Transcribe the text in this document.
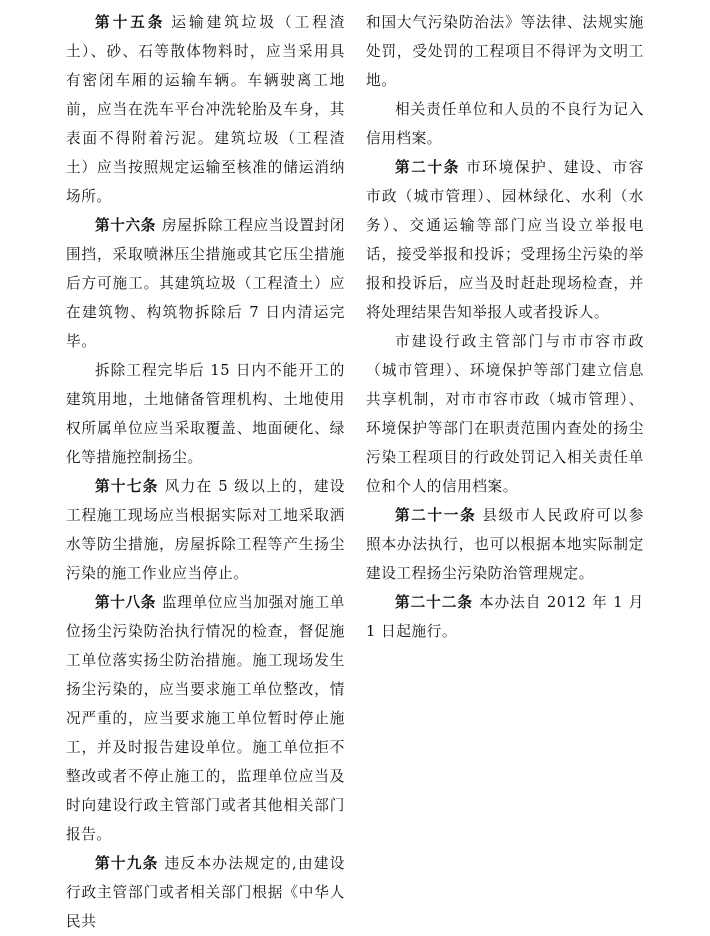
第十五条 运输建筑垃圾（工程渣土）、砂、石等散体物料时，应当采用具有密闭车厢的运输车辆。车辆驶离工地前，应当在洗车平台冲洗轮胎及车身，其表面不得附着污泥。建筑垃圾（工程渣土）应当按照规定运输至核准的储运消纳场所。

第十六条 房屋拆除工程应当设置封闭围挡，采取喷淋压尘措施或其它压尘措施后方可施工。其建筑垃圾（工程渣土）应在建筑物、构筑物拆除后 7 日内清运完毕。

拆除工程完毕后 15 日内不能开工的建筑用地，土地储备管理机构、土地使用权所属单位应当采取覆盖、地面硬化、绿化等措施控制扬尘。

第十七条 风力在 5 级以上的，建设工程施工现场应当根据实际对工地采取洒水等防尘措施，房屋拆除工程等产生扬尘污染的施工作业应当停止。

第十八条 监理单位应当加强对施工单位扬尘污染防治执行情况的检查，督促施工单位落实扬尘防治措施。施工现场发生扬尘污染的，应当要求施工单位整改，情况严重的，应当要求施工单位暂时停止施工，并及时报告建设单位。施工单位拒不整改或者不停止施工的，监理单位应当及时向建设行政主管部门或者其他相关部门报告。

第十九条 违反本办法规定的,由建设行政主管部门或者相关部门根据《中华人民共

和国大气污染防治法》等法律、法规实施处罚，受处罚的工程项目不得评为文明工地。

相关责任单位和人员的不良行为记入信用档案。

第二十条 市环境保护、建设、市容市政（城市管理）、园林绿化、水利（水务）、交通运输等部门应当设立举报电话，接受举报和投诉；受理扬尘污染的举报和投诉后，应当及时赶赴现场检查，并将处理结果告知举报人或者投诉人。

市建设行政主管部门与市市容市政（城市管理）、环境保护等部门建立信息共享机制，对市市容市政（城市管理）、环境保护等部门在职责范围内查处的扬尘污染工程项目的行政处罚记入相关责任单位和个人的信用档案。

第二十一条 县级市人民政府可以参照本办法执行，也可以根据本地实际制定建设工程扬尘污染防治管理规定。

第二十二条 本办法自 2012 年 1 月 1 日起施行。
